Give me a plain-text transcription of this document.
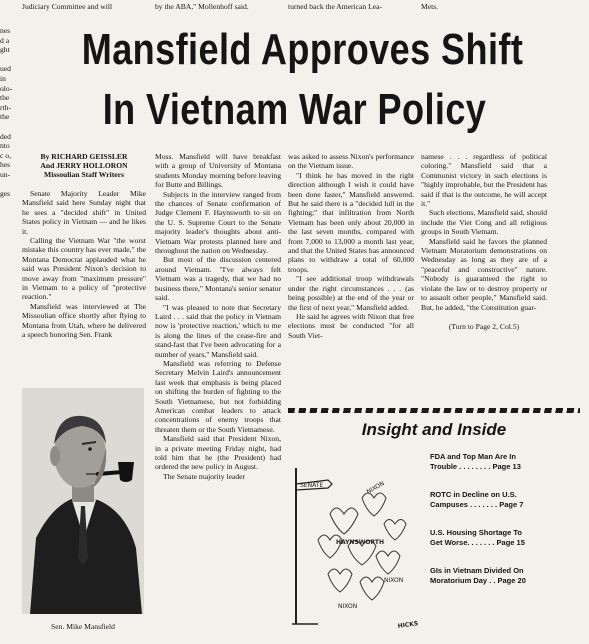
Judiciary Committee and will	by the ABA," Mollenhoff said.	turned back the American Lea-	Mets.
nes
d a
ght
ued
in
olo-
the
rth-
the
ded
nto
c o,
hes
un-
ges
Mansfield Approves Shift
In Vietnam War Policy
By RICHARD GEISSLER
And JERRY HOLLORON
Missoulian Staff Writers

Senate Majority Leader Mike Mansfield said here Sunday night that he sees a "decided shift" in United States policy in Vietnam — and he likes it.

Calling the Vietnam War "the worst mistake this country has ever made," the Montana Democrat applauded what he said was President Nixon's decision to move away from "maximum pressure" in Vietnam to a policy of "protective reaction."

Mansfield was interviewed at The Missoulian office shortly after flying to Montana from Utah, where he delivered a speech honoring Sen. Frank

Sen. Mike Mansfield

Moss. Mansfield will have breakfast with a group of University of Montana students Monday morning before leaving for Butte and Billings.

Subjects in the interview ranged from the chances of Senate confirmation of Judge Clement F. Haynsworth to sit on the U. S. Supreme Court to the Senate majority leader's thoughts about anti-Vietnam War protests planned here and throughout the nation on Wednesday.

But most of the discussion centered around Vietnam. "I've always felt Vietnam was a tragedy, that we had no business there," Montana's senior senator said.

"I was pleased to note that Secretary Laird . . . said that the policy in Vietnam now is 'protective reaction,' which to me is along the lines of the cease-fire and stand-fast that I've been advocating for a number of years," Mansfield said.

Mansfield was referring to Defense Secretary Melvin Laird's announcement last week that emphasis is being placed on shifting the burden of fighting to the South Vietnamese, but not forbidding American combat leaders to attack concentrations of enemy troops that threaten them or the South Vietnamese.

Mansfield said that President Nixon, in a private meeting Friday night, had told him that he (the President) had ordered the new policy in August.

The Senate majority leader

was asked to assess Nixon's performance on the Vietnam issue.

"I think he has moved in the right direction although I wish it could have been done faster," Mansfield answered. But he said there is a "decided lull in the fighting;" that infiltration from North Vietnam has been only about 20,000 in the last seven months, compared with from 7,000 to 13,000 a month last year, and that the United States has announced plans to withdraw a total of 60,000 troops.

"I see additional troop withdrawals under the right circumstances . . . (as being possible) at the end of the year or the first of next year," Mansfield added.

He said he agrees with Nixon that free elections must be conducted "for all South Viet-

namese . . . regardless of political coloring." Mansfield said that a Communist victory in such elections is "highly improbable, but the President has said if that is the outcome, he will accept it."

Such elections, Mansfield said, should include the Viet Cong and all religious groups in South Vietnam.

Mansfield said he favors the planned Vietnam Moratorium demonstrations on Wednesday as long as they are of a "peaceful and constructive" nature. "Nobody is guaranteed the right to violate the law or to destroy property or to assault other people," Mansfield said. But, he added, "the Constitution guar-

(Turn to Page 2, Col.5)

Insight and Inside
SENATE	NIXON
HAYNSWORTH
NIXON
NIXON
HICKS
FDA and Top Man Are In
Trouble . . . . . . . . Page 13
ROTC in Decline on U.S.
Campuses . . . . . . . Page 7
U.S. Housing Shortage To
Get Worse. . . . . . . Page 15
GIs in Vietnam Divided On
Moratorium Day . . Page 20
